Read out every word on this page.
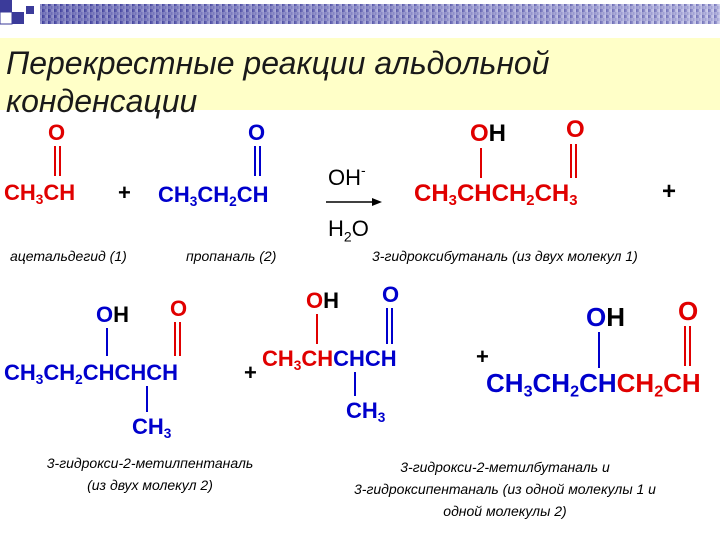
Перекрестные реакции альдольной
конденсации
O
$CH_3CH$ +
O
$CH_3CH_2CH$
OH-
$H_2O$
OH O
$CH_3CHCH_2CH_3$	+
ацетальдегид (1)	пропаналь (2)	3-гидроксибутаналь (из двух молекул 1)
OH O
$CH_3CH_2CHCHCH$
$CH_3$
+
OH O
$CH_3CHCHCH$
$CH_3$
+
OH O
$CH_3CH_2CHCH_2CH$
3-гидрокси-2-метилпентаналь
(из двух молекул 2)
3-гидрокси-2-метилбутаналь и
3-гидроксипентаналь (из одной молекулы 1 и
одной молекулы 2)
